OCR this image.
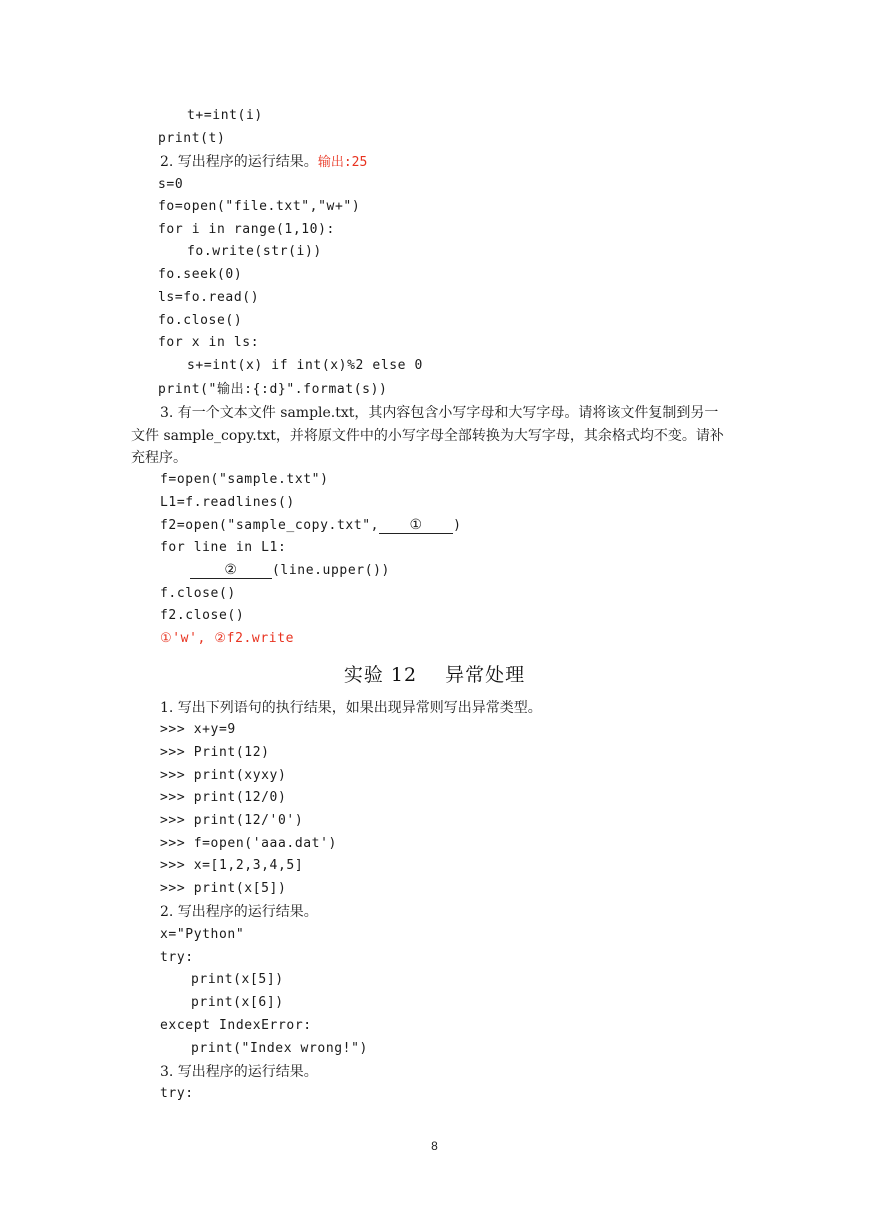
t+=int(i)
print(t)
2. 写出程序的运行结果。输出:25
s=0
fo=open("file.txt","w+")
for i in range(1,10):
fo.write(str(i))
fo.seek(0)
ls=fo.read()
fo.close()
for x in ls:
s+=int(x) if int(x)%2 else 0
print("输出:{:d}".format(s))
3. 有一个文本文件 sample.txt，其内容包含小写字母和大写字母。请将该文件复制到另一
文件 sample_copy.txt，并将原文件中的小写字母全部转换为大写字母，其余格式均不变。请补
充程序。
f=open("sample.txt")
L1=f.readlines()
f2=open("sample_copy.txt", ① )
for line in L1:
②	(line.upper())
f.close()
f2.close()
①'w', ②f2.write
实验 12    异常处理
1. 写出下列语句的执行结果，如果出现异常则写出异常类型。
>>> x+y=9
>>> Print(12)
>>> print(xyxy)
>>> print(12/0)
>>> print(12/'0')
>>> f=open('aaa.dat')
>>> x=[1,2,3,4,5]
>>> print(x[5])
2. 写出程序的运行结果。
x="Python"
try:
print(x[5])
print(x[6])
except IndexError:
print("Index wrong!")
3. 写出程序的运行结果。
try:
8
